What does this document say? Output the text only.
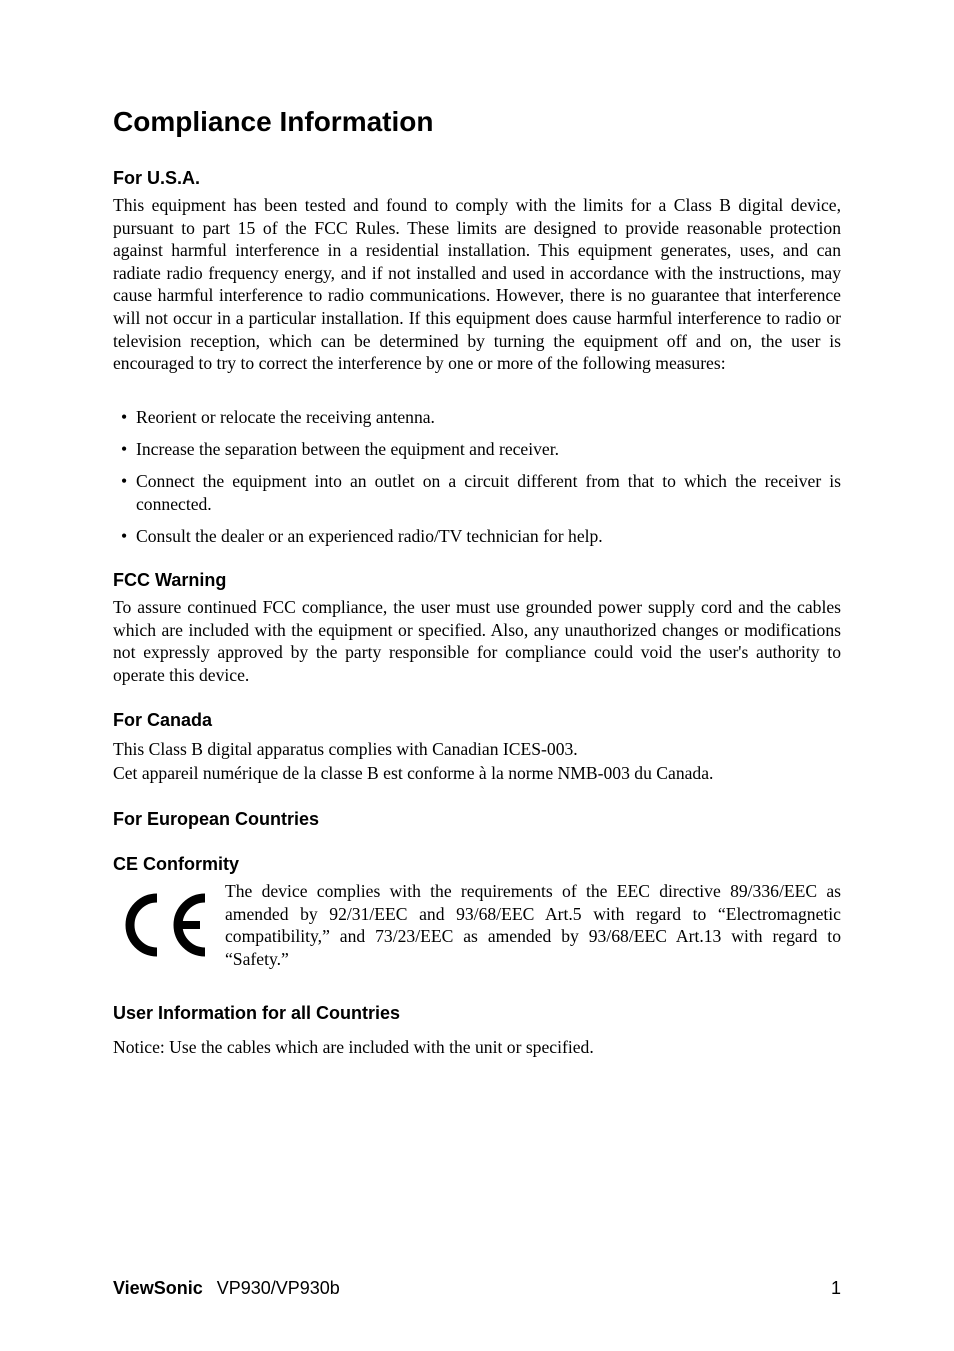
Compliance Information
For U.S.A.

This equipment has been tested and found to comply with the limits for a Class B digital device, pursuant to part 15 of the FCC Rules. These limits are designed to provide reasonable protection against harmful interference in a residential installation. This equipment generates, uses, and can radiate radio frequency energy, and if not installed and used in accordance with the instructions, may cause harmful interference to radio communications. However, there is no guarantee that interference will not occur in a particular installation. If this equipment does cause harmful interference to radio or television reception, which can be determined by turning the equipment off and on, the user is encouraged to try to correct the interference by one or more of the following measures:

• Reorient or relocate the receiving antenna.
• Increase the separation between the equipment and receiver.
• Connect the equipment into an outlet on a circuit different from that to which the receiver is connected.
• Consult the dealer or an experienced radio/TV technician for help.
FCC Warning

To assure continued FCC compliance, the user must use grounded power supply cord and the cables which are included with the equipment or specified. Also, any unauthorized changes or modifications not expressly approved by the party responsible for compliance could void the user's authority to operate this device.

For Canada

This Class B digital apparatus complies with Canadian ICES-003.

Cet appareil numérique de la classe B est conforme à la norme NMB-003 du Canada.

For European Countries
CE Conformity

The device complies with the requirements of the EEC directive 89/336/EEC as amended by 92/31/EEC and 93/68/EEC Art.5 with regard to “Electromagnetic compatibility,” and 73/23/EEC as amended by 93/68/EEC Art.13 with regard to “Safety.”

User Information for all Countries

Notice: Use the cables which are included with the unit or specified.

ViewSonic VP930/VP930b	1
